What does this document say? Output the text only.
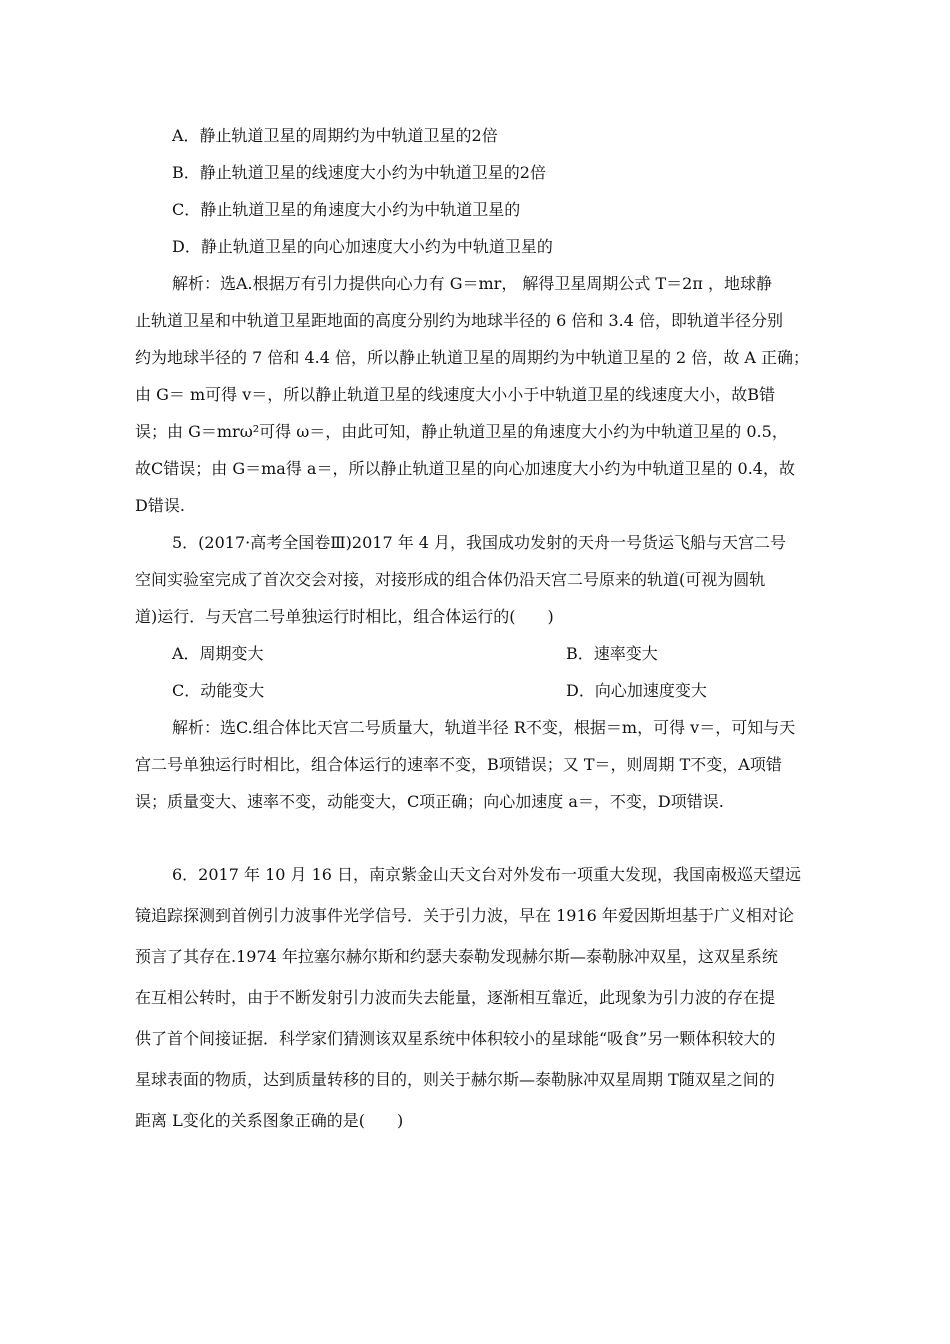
A．静止轨道卫星的周期约为中轨道卫星的2倍
B．静止轨道卫星的线速度大小约为中轨道卫星的2倍
C．静止轨道卫星的角速度大小约为中轨道卫星的
D．静止轨道卫星的向心加速度大小约为中轨道卫星的
解析：选A.根据万有引力提供向心力有 G＝mr， 解得卫星周期公式 T＝2π ，地球静
止轨道卫星和中轨道卫星距地面的高度分别约为地球半径的 6 倍和 3.4 倍，即轨道半径分别
约为地球半径的 7 倍和 4.4 倍，所以静止轨道卫星的周期约为中轨道卫星的 2 倍，故 A 正确；
由 G＝ m可得 v＝，所以静止轨道卫星的线速度大小小于中轨道卫星的线速度大小，故B错
误；由 G＝mrω²可得 ω＝，由此可知，静止轨道卫星的角速度大小约为中轨道卫星的 0.5，
故C错误；由 G＝ma得 a＝，所以静止轨道卫星的向心加速度大小约为中轨道卫星的 0.4，故
D错误.
5．(2017·高考全国卷Ⅲ)2017 年 4 月，我国成功发射的天舟一号货运飞船与天宫二号
空间实验室完成了首次交会对接，对接形成的组合体仍沿天宫二号原来的轨道(可视为圆轨
道)运行．与天宫二号单独运行时相比，组合体运行的(　　)
A．周期变大	B．速率变大
C．动能变大	D．向心加速度变大
解析：选C.组合体比天宫二号质量大，轨道半径 R不变，根据＝m，可得 v＝，可知与天
宫二号单独运行时相比，组合体运行的速率不变，B项错误；又 T＝，则周期 T不变，A项错
误；质量变大、速率不变，动能变大，C项正确；向心加速度 a＝，不变，D项错误.
6．2017 年 10 月 16 日，南京紫金山天文台对外发布一项重大发现，我国南极巡天望远
镜追踪探测到首例引力波事件光学信号．关于引力波，早在 1916 年爱因斯坦基于广义相对论
预言了其存在.1974 年拉塞尔赫尔斯和约瑟夫泰勒发现赫尔斯—泰勒脉冲双星，这双星系统
在互相公转时，由于不断发射引力波而失去能量，逐渐相互靠近，此现象为引力波的存在提
供了首个间接证据．科学家们猜测该双星系统中体积较小的星球能“吸食”另一颗体积较大的
星球表面的物质，达到质量转移的目的，则关于赫尔斯—泰勒脉冲双星周期 T随双星之间的
距离 L变化的关系图象正确的是(　　)
